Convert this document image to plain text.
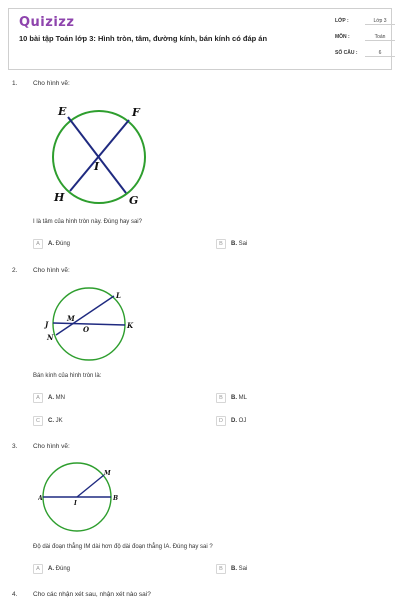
Quizizz
10 bài tập Toán lớp 3: Hình tròn, tâm, đường kính, bán kính có đáp án
LỚP :	Lớp 3
MÔN :	Toán
SỐ CÂU :	6
1. Cho hình vẽ:
E	F
I
H	G
I là tâm của hình tròn này. Đúng hay sai?
A	A. Đúng	B	B. Sai
2. Cho hình vẽ:
L
M
J
O	K
N
Bán kính của hình tròn là:
A	A. MN	B	B. ML
C	C. JK	D	D. OJ
3. Cho hình vẽ:
M
A
I
B
Độ dài đoạn thẳng IM dài hơn độ dài đoạn thẳng IA. Đúng hay sai ?
A	A. Đúng	B	B. Sai
4. Cho các nhận xét sau, nhận xét nào sai?
